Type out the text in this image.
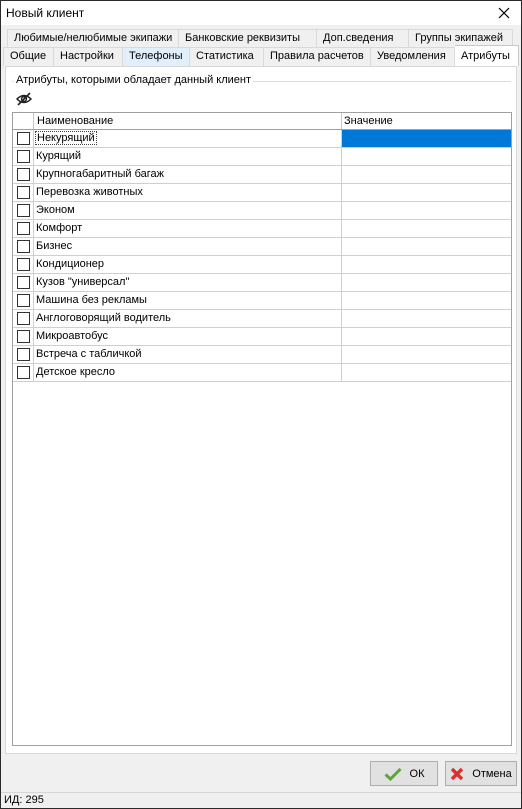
Новый клиент
Любимые/нелюбимые экипажи	Банковские реквизиты	Доп.сведения	Группы экипажей
Общие	Настройки	Телефоны	Статистика	Правила расчетов	Уведомления	Атрибуты
Атрибуты, которыми обладает данный клиент
Наименование	Значение
Некурящий
Курящий
Крупногабаритный багаж
Перевозка животных
Эконом
Комфорт
Бизнес
Кондиционер
Кузов "универсал"
Машина без рекламы
Англоговорящий водитель
Микроавтобус
Встреча с табличкой
Детское кресло
ОК	Отмена
ИД: 295
